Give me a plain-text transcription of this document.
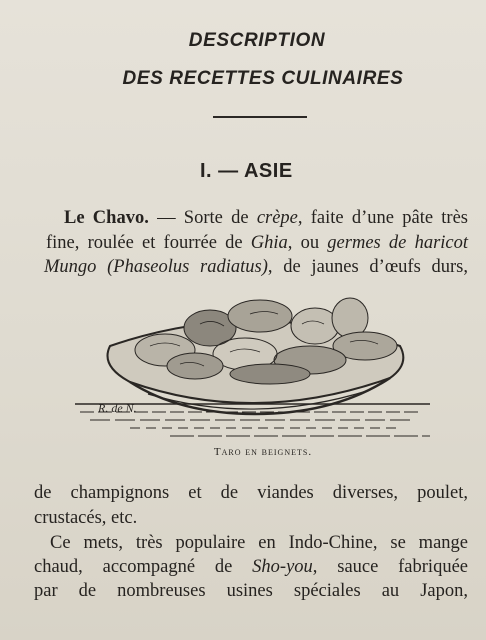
DESCRIPTION
DES RECETTES CULINAIRES
I. — ASIE
Le Chavo. — Sorte de crèpe, faite d’une pâte très
fine, roulée et fourrée de Ghia, ou germes de haricot
Mungo (Phaseolus radiatus), de jaunes d’œufs durs,
R. de N.
Taro en beignets.
de champignons et de viandes diverses, poulet,
crustacés, etc.
Ce mets, très populaire en Indo-Chine, se mange
chaud, accompagné de Sho-you, sauce fabriquée
par de nombreuses usines spéciales au Japon,
